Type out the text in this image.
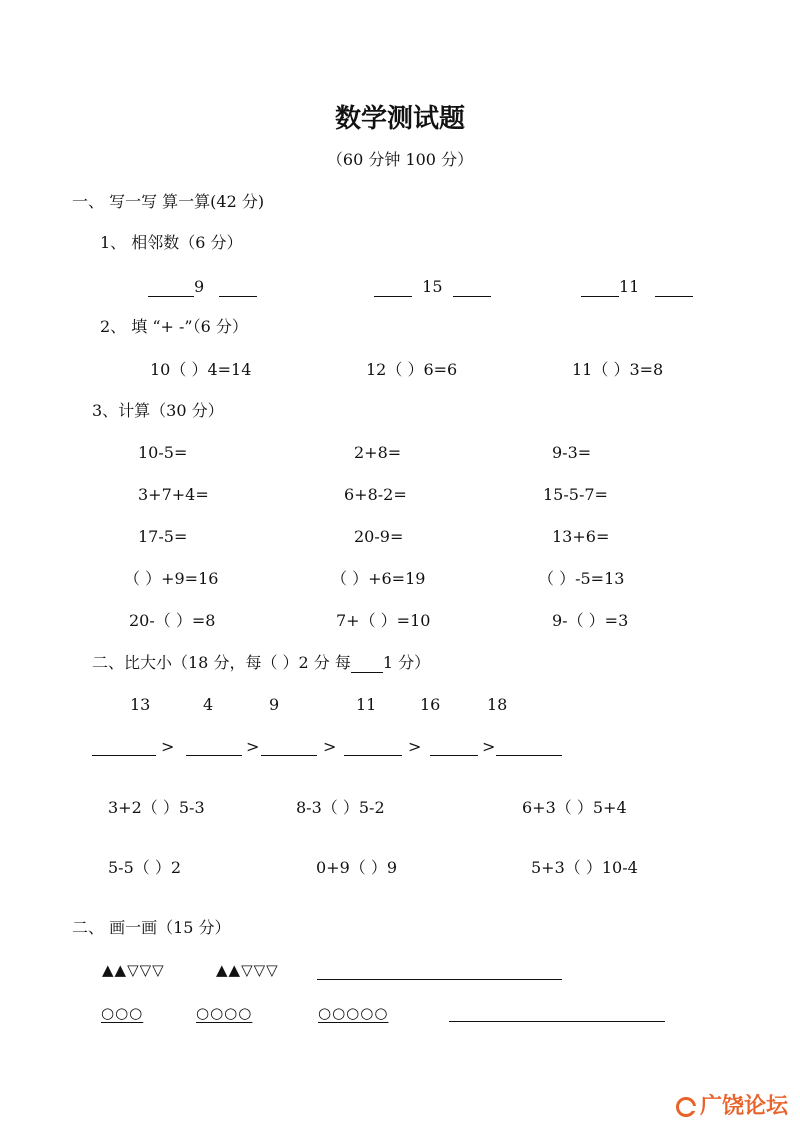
数学测试题
（60 分钟 100 分）
一、 写一写 算一算(42 分)
1、 相邻数（6 分）
9	15	11
2、 填 “+ -”（6 分）
10（ ）4=14	12（ ）6=6	11（ ）3=8
3、计算（30 分）
10-5=	2+8=	9-3=
3+7+4=	6+8-2=	15-5-7=
17-5=	20-9=	13+6=
（ ）+9=16	（ ）+6=19	（ ）-5=13
20-（ ）=8	7+（ ）=10	9-（ ）=3
二、比大小（18 分，每（ ）2 分 每 1 分）
13	4	9	11	16	18
>	>	>	>	>
3+2（ ）5-3	8-3（ ）5-2	6+3（ ）5+4
5-5（ ）2	0+9（ ）9	5+3（ ）10-4
二、 画一画（15 分）
▲▲▽▽▽	▲▲▽▽▽
○○○	○○○○	○○○○○
广饶论坛
